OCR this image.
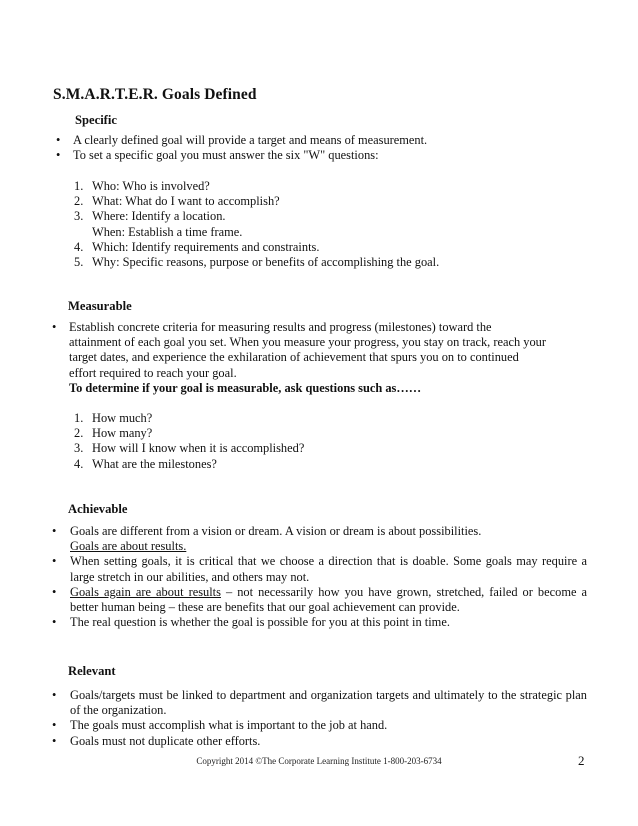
S.M.A.R.T.E.R. Goals Defined
Specific
• A clearly defined goal will provide a target and means of measurement.
• To set a specific goal you must answer the six "W" questions:
1. Who: Who is involved?
2. What: What do I want to accomplish?
3. Where: Identify a location.
When: Establish a time frame.
4. Which: Identify requirements and constraints.
5. Why: Specific reasons, purpose or benefits of accomplishing the goal.
Measurable
• Establish concrete criteria for measuring results and progress (milestones) toward the
attainment of each goal you set. When you measure your progress, you stay on track, reach your
target dates, and experience the exhilaration of achievement that spurs you on to continued
effort required to reach your goal.
To determine if your goal is measurable, ask questions such as……
1. How much?
2. How many?
3. How will I know when it is accomplished?
4. What are the milestones?
Achievable
• Goals are different from a vision or dream. A vision or dream is about possibilities.
Goals are about results.
• When setting goals, it is critical that we choose a direction that is doable. Some goals may require a large stretch in our abilities, and others may not.
• Goals again are about results – not necessarily how you have grown, stretched, failed or become a better human being – these are benefits that our goal achievement can provide.
• The real question is whether the goal is possible for you at this point in time.
Relevant
• Goals/targets must be linked to department and organization targets and ultimately to the strategic plan of the organization.
• The goals must accomplish what is important to the job at hand.
• Goals must not duplicate other efforts.
Copyright 2014 ©The Corporate Learning Institute 1-800-203-6734	2
